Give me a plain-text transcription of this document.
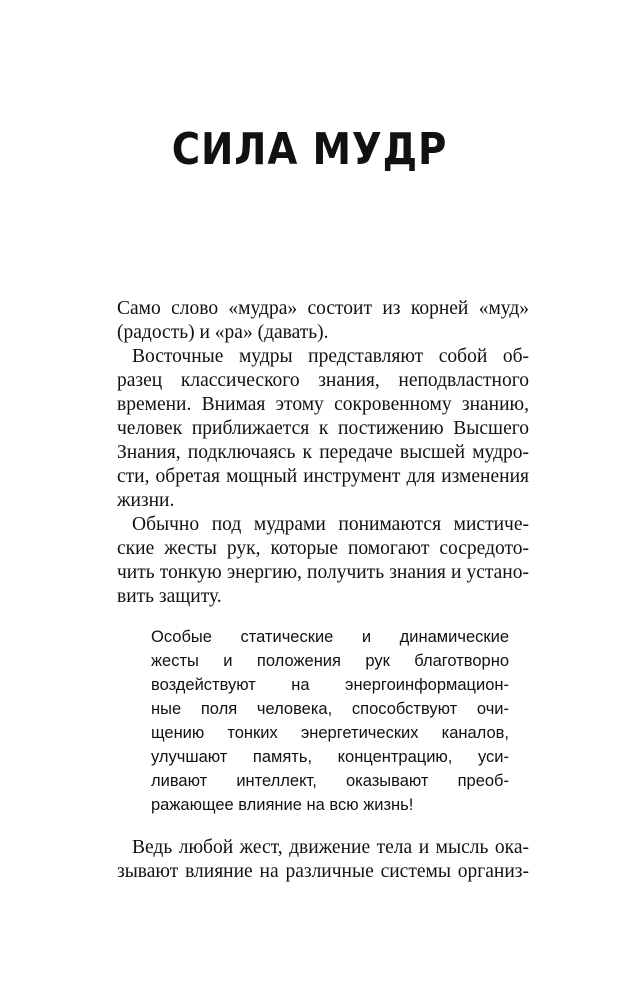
СИЛА МУДР
Само слово «мудра» состоит из корней «муд»
(радость) и «ра» (давать).
Восточные мудры представляют собой об-
разец классического знания, неподвластного
времени. Внимая этому сокровенному знанию,
человек приближается к постижению Высшего
Знания, подключаясь к передаче высшей мудро-
сти, обретая мощный инструмент для изменения
жизни.
Обычно под мудрами понимаются мистиче-
ские жесты рук, которые помогают сосредото-
чить тонкую энергию, получить знания и устано-
вить защиту.
Особые статические и динамические
жесты и положения рук благотворно
воздействуют на энергоинформацион-
ные поля человека, способствуют очи-
щению тонких энергетических каналов,
улучшают память, концентрацию, уси-
ливают интеллект, оказывают преоб-
ражающее влияние на всю жизнь!
Ведь любой жест, движение тела и мысль ока-
зывают влияние на различные системы организ-
